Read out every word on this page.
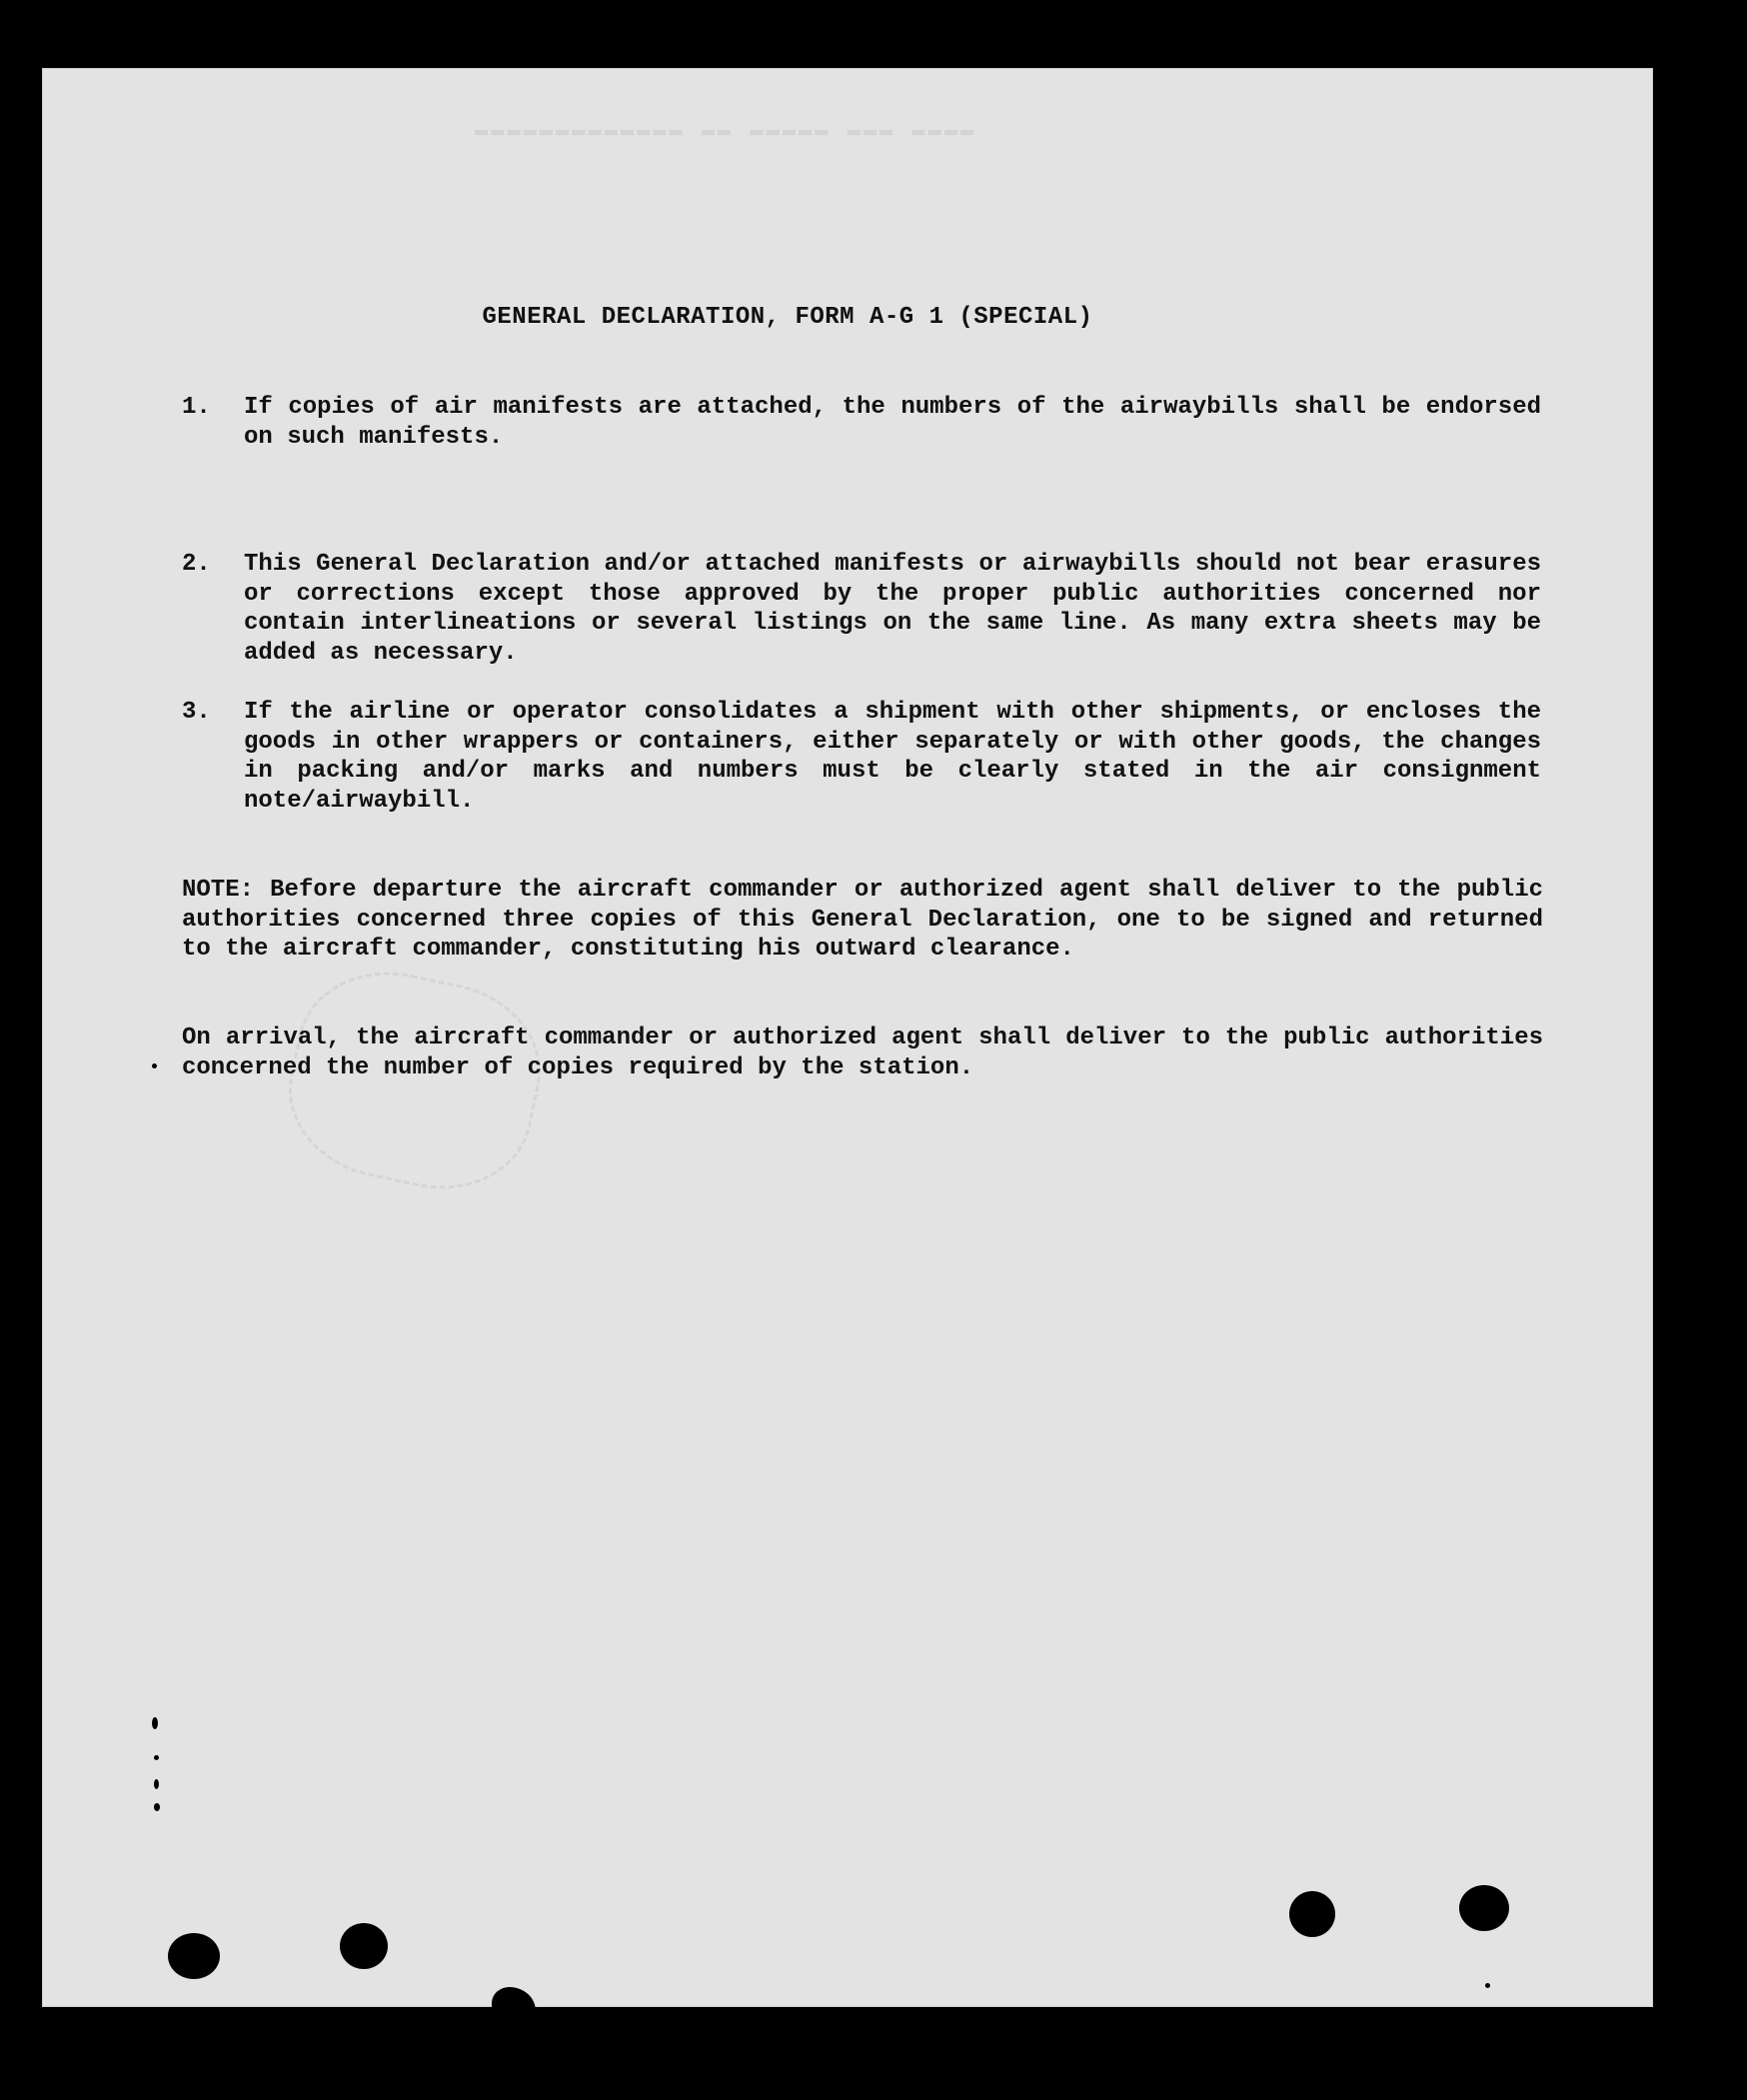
▬▬▬▬ ▬▬▬ ▬▬▬▬▬ ▬▬ ▬▬▬▬▬▬▬▬▬▬▬▬▬
GENERAL DECLARATION, FORM A-G 1 (SPECIAL)
1. If copies of air manifests are attached, the numbers of the airwaybills shall be endorsed on such manifests.
2. This General Declaration and/or attached manifests or airwaybills should not bear erasures or corrections except those approved by the proper public authorities concerned nor contain interlineations or several listings on the same line. As many extra sheets may be added as necessary.
3. If the airline or operator consolidates a shipment with other shipments, or encloses the goods in other wrappers or containers, either separately or with other goods, the changes in packing and/or marks and numbers must be clearly stated in the air consignment note/airwaybill.
NOTE: Before departure the aircraft commander or authorized agent shall deliver to the public authorities concerned three copies of this General Declaration, one to be signed and returned to the aircraft commander, constituting his outward clearance.
On arrival, the aircraft commander or authorized agent shall deliver to the public authorities concerned the number of copies required by the station.
